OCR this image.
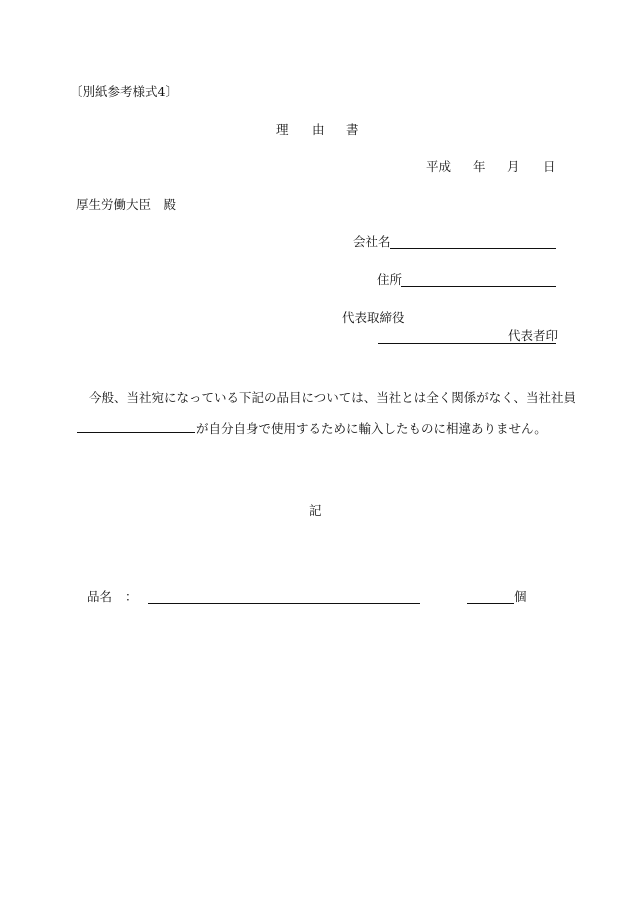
〔別紙参考様式4〕
理 由 書
平成 年 月 日
厚生労働大臣　殿
会社名
住所
代表取締役
代表者印
今般、当社宛になっている下記の品目については、当社とは全く関係がなく、当社社員
が自分自身で使用するために輸入したものに相違ありません。
記
品名 ：	個
